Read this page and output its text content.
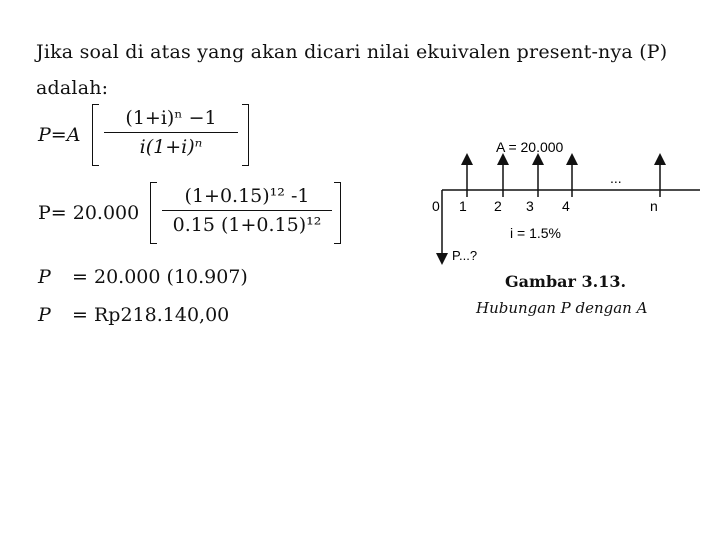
Jika soal di atas yang akan dicari nilai ekuivalen present-nya (P)
adalah:
P=A
(1+i)ⁿ −1
i(1+i)ⁿ
P= 20.000
(1+0.15)¹² -1
0.15 (1+0.15)¹²
P = 20.000 (10.907)
P = Rp218.140,00
A = 20.000
...
0 1 2 3 4	n
i = 1.5%
P...?
Gambar 3.13.
Hubungan P dengan A
